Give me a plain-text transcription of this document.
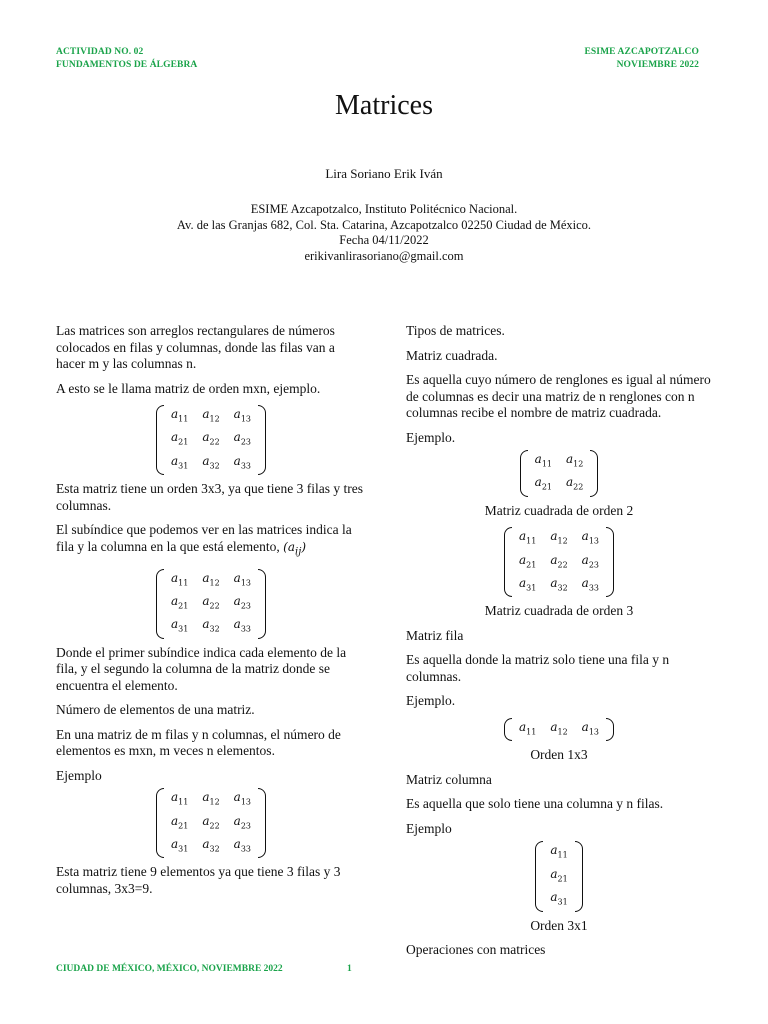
ACTIVIDAD NO. 02
FUNDAMENTOS DE ÁLGEBRA
ESIME AZCAPOTZALCO
NOVIEMBRE 2022
Matrices
Lira Soriano Erik Iván
ESIME Azcapotzalco, Instituto Politécnico Nacional.
Av. de las Granjas 682, Col. Sta. Catarina, Azcapotzalco 02250 Ciudad de México.
Fecha 04/11/2022
erikivanlirasoriano@gmail.com

Las matrices son arreglos rectangulares de números colocados en filas y columnas, donde las filas van a hacer m y las columnas n.

A esto se le llama matriz de orden mxn, ejemplo.

$a_{11}$	$a_{12}$	$a_{13}$
$a_{21}$	$a_{22}$	$a_{23}$
$a_{31}$	$a_{32}$	$a_{33}$

Esta matriz tiene un orden 3x3, ya que tiene 3 filas y tres columnas.

El subíndice que podemos ver en las matrices indica la fila y la columna en la que está elemento, $(a_{ij})$

$a_{11}$	$a_{12}$	$a_{13}$
$a_{21}$	$a_{22}$	$a_{23}$
$a_{31}$	$a_{32}$	$a_{33}$

Donde el primer subíndice indica cada elemento de la fila, y el segundo la columna de la matriz donde se encuentra el elemento.

Número de elementos de una matriz.

En una matriz de m filas y n columnas, el número de elementos es mxn, m veces n elementos.

Ejemplo

$a_{11}$	$a_{12}$	$a_{13}$
$a_{21}$	$a_{22}$	$a_{23}$
$a_{31}$	$a_{32}$	$a_{33}$

Esta matriz tiene 9 elementos ya que tiene 3 filas y 3 columnas, 3x3=9.

Tipos de matrices.

Matriz cuadrada.

Es aquella cuyo número de renglones es igual al número de columnas es decir una matriz de n renglones con n columnas recibe el nombre de matriz cuadrada.

Ejemplo.

$a_{11}$	$a_{12}$
$a_{21}$	$a_{22}$
Matriz cuadrada de orden 2
$a_{11}$	$a_{12}$	$a_{13}$
$a_{21}$	$a_{22}$	$a_{23}$
$a_{31}$	$a_{32}$	$a_{33}$
Matriz cuadrada de orden 3

Matriz fila

Es aquella donde la matriz solo tiene una fila y n columnas.

Ejemplo.

$a_{11}$	$a_{12}$	$a_{13}$
Orden 1x3

Matriz columna

Es aquella que solo tiene una columna y n filas.

Ejemplo

$a_{11}$
$a_{21}$
$a_{31}$
Orden 3x1

Operaciones con matrices

CIUDAD DE MÉXICO, MÉXICO, NOVIEMBRE 2022	1
